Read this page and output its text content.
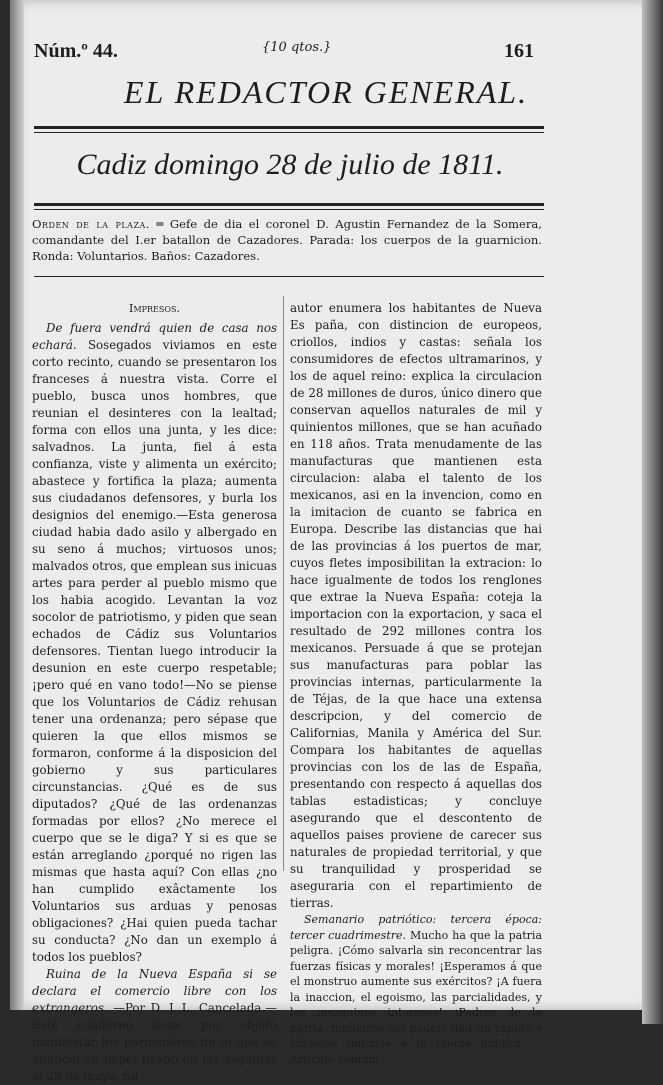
Núm.º 44.	{10 qtos.}	161
EL REDACTOR GENERAL.
Cadiz domingo 28 de julio de 1811.
Orden de la plaza. ═ Gefe de dia el coronel D. Agustin Fernandez de la Somera, comandante del I.er batallon de Cazadores. Parada: los cuerpos de la guarnicion. Ronda: Voluntarios. Baños: Cazadores.
Impresos.

De fuera vendrá quien de casa nos echará. Sosegados viviamos en este corto recinto, cuando se presentaron los franceses á nuestra vista. Corre el pueblo, busca unos hombres, que reunian el desinteres con la lealtad; forma con ellos una junta, y les dice: salvadnos. La junta, fiel á esta confianza, viste y alimenta un exército; abastece y fortifica la plaza; aumenta sus ciudadanos defensores, y burla los designios del enemigo.—Esta generosa ciudad habia dado asilo y albergado en su seno á muchos; virtuosos unos; malvados otros, que emplean sus inicuas artes para perder al pueblo mismo que los habia acogido. Levantan la voz socolor de patriotismo, y piden que sean echados de Cádiz sus Voluntarios defensores. Tientan luego introducir la desunion en este cuerpo respetable; ¡pero qué en vano todo!—No se piense que los Voluntarios de Cádiz rehusan tener una ordenanza; pero sépase que quieren la que ellos mismos se formaron, conforme á la disposicion del gobierno y sus particulares circunstancias. ¿Qué es de sus diputados? ¿Qué de las ordenanzas formadas por ellos? ¿No merece el cuerpo que se le diga? Y si es que se están arreglando ¿porqué no rigen las mismas que hasta aquí? Con ellas ¿no han cumplido exâctamente los Voluntarios sus arduas y penosas obligaciones? ¿Hai quien pueda tachar su conducta? ¿No dan un exemplo á todos los pueblos?

Ruina de la Nueva España si se declara el comercio libre con los extrangeros. —Por D. J. L. Cancelada.—Este cuaderno tiene por objeto manifestar los pormenores de lo que se anunció en papel fixado en las esquinas el 28 de mayo. Su

autor enumera los habitantes de Nueva Es paña, con distincion de europeos, criollos, indios y castas: señala los consumidores de efectos ultramarinos, y los de aquel reino: explica la circulacion de 28 millones de duros, único dinero que conservan aquellos naturales de mil y quinientos millones, que se han acuñado en 118 años. Trata menudamente de las manufacturas que mantienen esta circulacion: alaba el talento de los mexicanos, asi en la invencion, como en la imitacion de cuanto se fabrica en Europa. Describe las distancias que hai de las provincias á los puertos de mar, cuyos fletes imposibilitan la extracion: lo hace igualmente de todos los renglones que extrae la Nueva España: coteja la importacion con la exportacion, y saca el resultado de 292 millones contra los mexicanos. Persuade á que se protejan sus manufacturas para poblar las provincias internas, particularmente la de Téjas, de la que hace una extensa descripcion, y del comercio de Californias, Manila y América del Sur. Compara los habitantes de aquellas provincias con los de las de España, presentando con respecto á aquellas dos tablas estadisticas; y concluye asegurando que el descontento de aquellos paises proviene de carecer sus naturales de propiedad territorial, y que su tranquilidad y prosperidad se aseguraria con el repartimiento de tierras.

Semanario patriótico: tercera época: tercer cuadrimestre. Mucho ha que la patria peligra. ¡Cómo salvarla sin reconcentrar las fuerzas físicas y morales! ¡Esperamos á que el monstruo aumente sus exércitos? ¡A fuera la inaccion, el egoismo, las parcialidades, y los mezquinos intereses! ¡Padres de la patria, ministros del poder! dad un rápido y vigoroso impulso á la fuerza pública. -- Articulo comuni-
